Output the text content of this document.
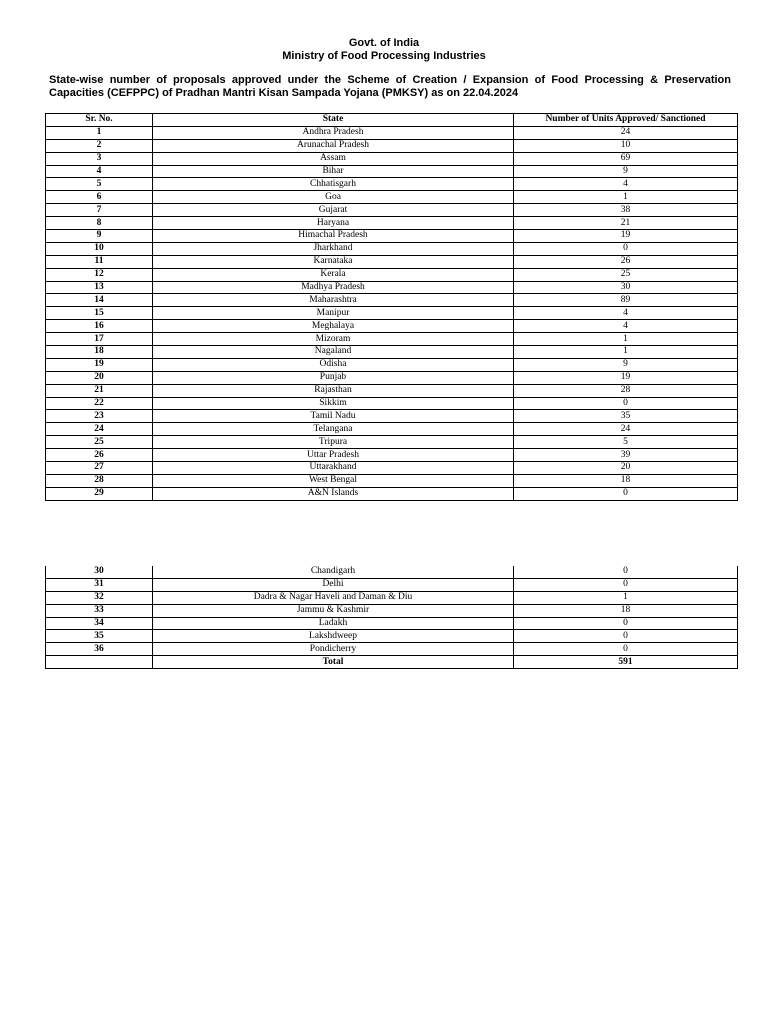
Govt. of India
Ministry of Food Processing Industries
State-wise number of proposals approved under the Scheme of Creation / Expansion of Food Processing & Preservation Capacities (CEFPPC) of Pradhan Mantri Kisan Sampada Yojana (PMKSY) as on 22.04.2024
Sr. No.	State	Number of Units Approved/ Sanctioned
1	Andhra Pradesh	24
2	Arunachal Pradesh	10
3	Assam	69
4	Bihar	9
5	Chhatisgarh	4
6	Goa	1
7	Gujarat	38
8	Haryana	21
9	Himachal Pradesh	19
10	Jharkhand	0
11	Karnataka	26
12	Kerala	25
13	Madhya Pradesh	30
14	Maharashtra	89
15	Manipur	4
16	Meghalaya	4
17	Mizoram	1
18	Nagaland	1
19	Odisha	9
20	Punjab	19
21	Rajasthan	28
22	Sikkim	0
23	Tamil Nadu	35
24	Telangana	24
25	Tripura	5
26	Uttar Pradesh	39
27	Uttarakhand	20
28	West Bengal	18
29	A&N Islands	0
30	Chandigarh	0
31	Delhi	0
32	Dadra & Nagar Haveli and Daman & Diu	1
33	Jammu & Kashmir	18
34	Ladakh	0
35	Lakshdweep	0
36	Pondicherry	0
	Total	591
